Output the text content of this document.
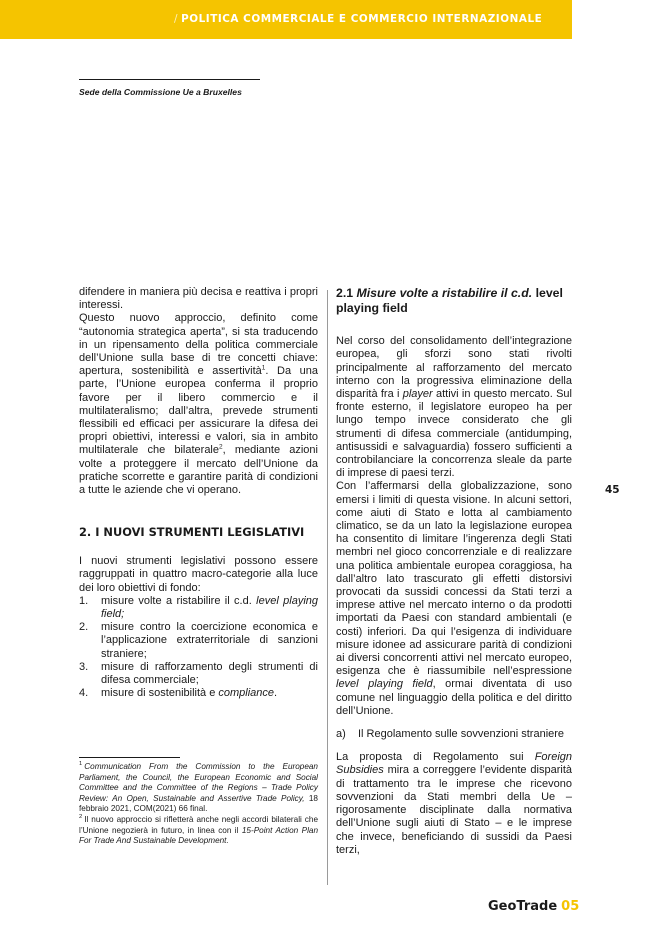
/ POLITICA COMMERCIALE E COMMERCIO INTERNAZIONALE
Sede della Commissione Ue a Bruxelles

difendere in maniera più decisa e reattiva i propri interessi.

Questo nuovo approccio, definito come “autonomia strategica aperta”, si sta traducendo in un ripensamento della politica commerciale dell’Unione sulla base di tre concetti chiave: apertura, sostenibilità e assertività$^1$. Da una parte, l’Unione europea conferma il proprio favore per il libero commercio e il multilateralismo; dall’altra, prevede strumenti flessibili ed efficaci per assicurare la difesa dei propri obiettivi, interessi e valori, sia in ambito multilaterale che bilaterale$^2$, mediante azioni volte a proteggere il mercato dell’Unione da pratiche scorrette e garantire parità di condizioni a tutte le aziende che vi operano.

2. I NUOVI STRUMENTI LEGISLATIVI

I nuovi strumenti legislativi possono essere raggruppati in quattro macro-categorie alla luce dei loro obiettivi di fondo:

1.	misure volte a ristabilire il c.d. level playing field;
2.	misure contro la coercizione economica e l’applicazione extraterritoriale di sanzioni straniere;
3.	misure di rafforzamento degli strumenti di difesa commerciale;
4.	misure di sostenibilità e compliance.

$^1$ Communication From the Commission to the European Parliament, the Council, the European Economic and Social Committee and the Committee of the Regions – Trade Policy Review: An Open, Sustainable and Assertive Trade Policy, 18 febbraio 2021, COM(2021) 66 final.

$^2$ Il nuovo approccio si rifletterà anche negli accordi bilaterali che l’Unione negozierà in futuro, in linea con il 15-Point Action Plan For Trade And Sustainable Development.

2.1 Misure volte a ristabilire il c.d. level playing field

Nel corso del consolidamento dell’integrazione europea, gli sforzi sono stati rivolti principalmente al rafforzamento del mercato interno con la progressiva eliminazione della disparità fra i player attivi in questo mercato. Sul fronte esterno, il legislatore europeo ha per lungo tempo invece considerato che gli strumenti di difesa commerciale (antidumping, antisussidi e salvaguardia) fossero sufficienti a controbilanciare la concorrenza sleale da parte di imprese di paesi terzi.

Con l’affermarsi della globalizzazione, sono emersi i limiti di questa visione. In alcuni settori, come aiuti di Stato e lotta al cambiamento climatico, se da un lato la legislazione europea ha consentito di limitare l’ingerenza degli Stati membri nel gioco concorrenziale e di realizzare una politica ambientale europea coraggiosa, ha dall’altro lato trascurato gli effetti distorsivi provocati da sussidi concessi da Stati terzi a imprese attive nel mercato interno o da prodotti importati da Paesi con standard ambientali (e costi) inferiori. Da qui l’esigenza di individuare misure idonee ad assicurare parità di condizioni ai diversi concorrenti attivi nel mercato europeo, esigenza che è riassumibile nell’espressione level playing field, ormai diventata di uso comune nel linguaggio della politica e del diritto dell’Unione.

a)	Il Regolamento sulle sovvenzioni straniere

La proposta di Regolamento sui Foreign Subsidies mira a correggere l’evidente disparità di trattamento tra le imprese che ricevono sovvenzioni da Stati membri della Ue – rigorosamente disciplinate dalla normativa dell’Unione sugli aiuti di Stato – e le imprese che invece, beneficiando di sussidi da Paesi terzi,

45
GeoTrade 05
